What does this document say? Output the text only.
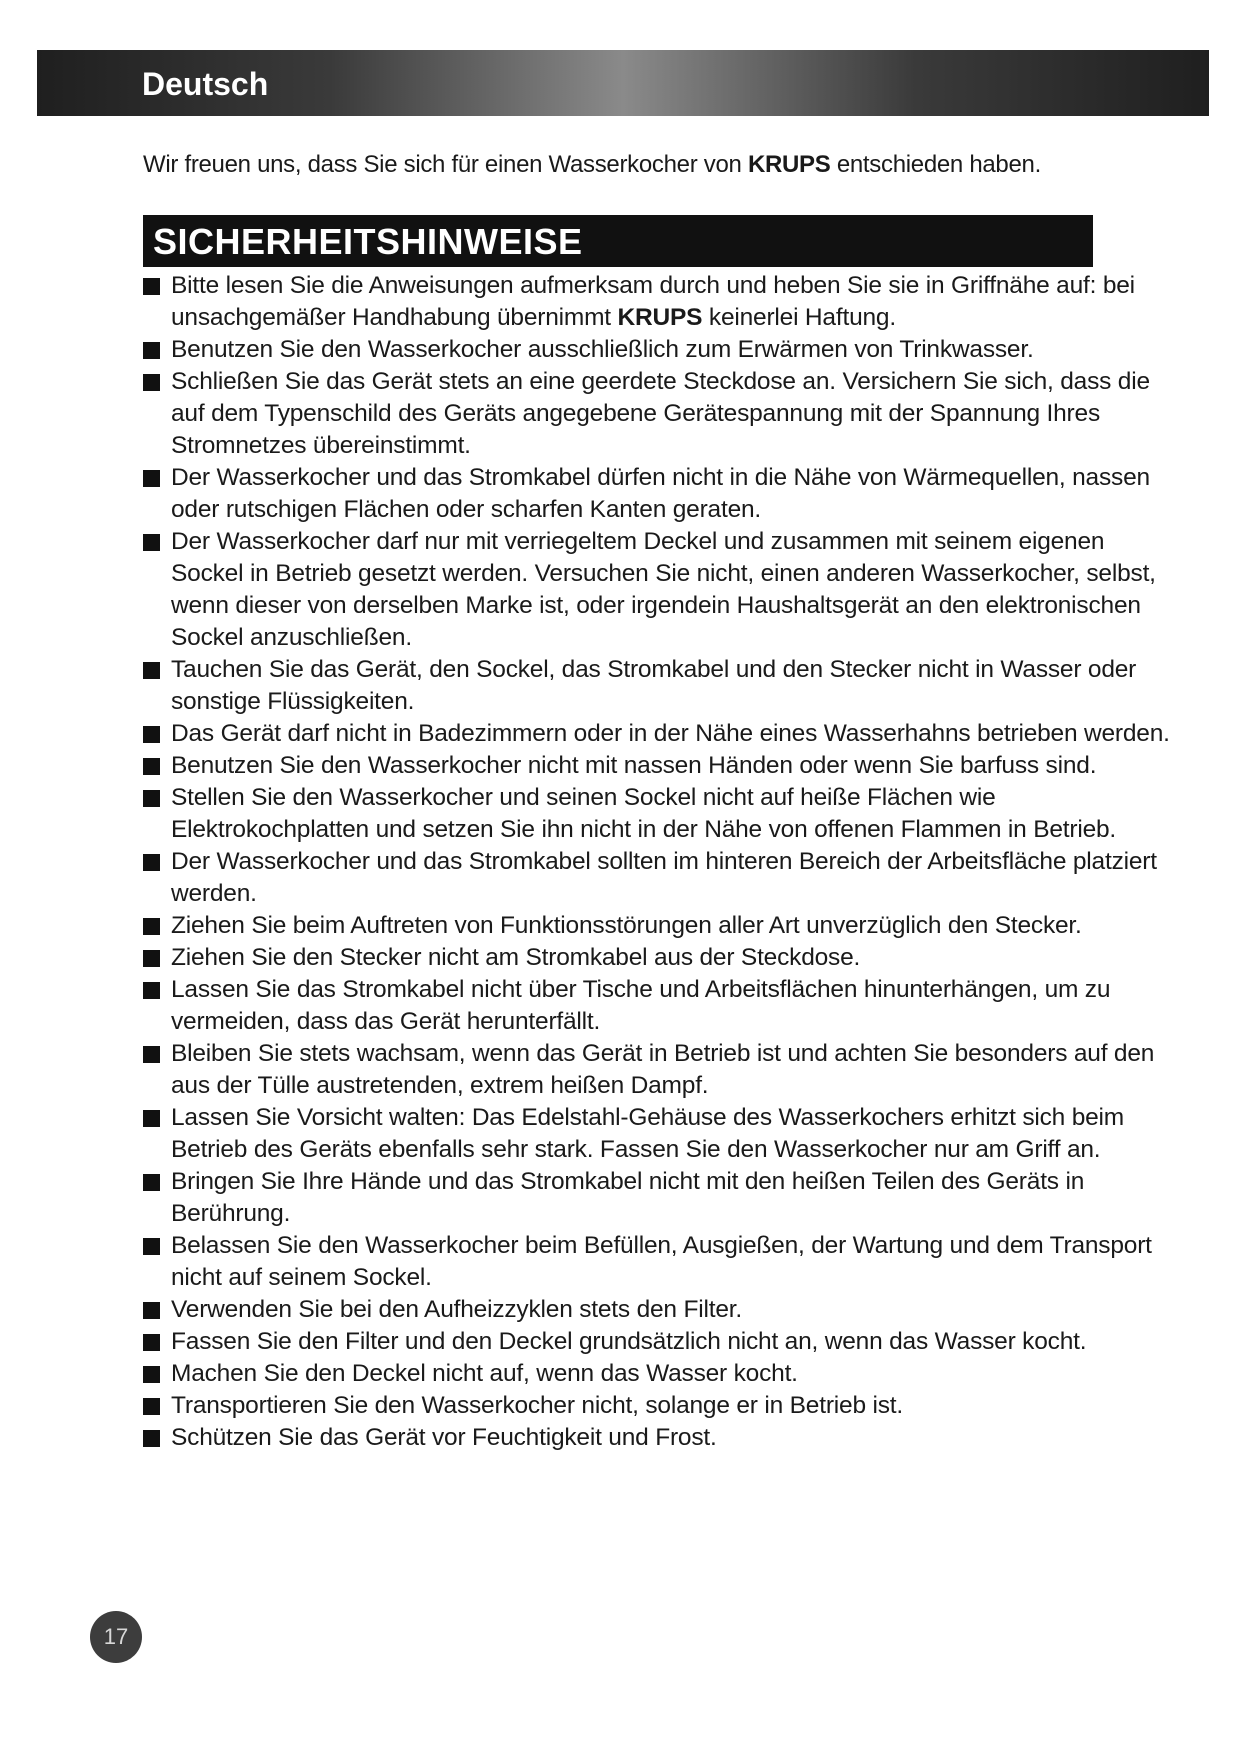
Deutsch
Wir freuen uns, dass Sie sich für einen Wasserkocher von KRUPS entschieden haben.
SICHERHEITSHINWEISE
Bitte lesen Sie die Anweisungen aufmerksam durch und heben Sie sie in Griffnähe auf: bei unsachgemäßer Handhabung übernimmt KRUPS keinerlei Haftung.
Benutzen Sie den Wasserkocher ausschließlich zum Erwärmen von Trinkwasser.
Schließen Sie das Gerät stets an eine geerdete Steckdose an. Versichern Sie sich, dass die auf dem Typenschild des Geräts angegebene Gerätespannung mit der Spannung Ihres Stromnetzes übereinstimmt.
Der Wasserkocher und das Stromkabel dürfen nicht in die Nähe von Wärmequellen, nassen oder rutschigen Flächen oder scharfen Kanten geraten.
Der Wasserkocher darf nur mit verriegeltem Deckel und zusammen mit seinem eigenen Sockel in Betrieb gesetzt werden. Versuchen Sie nicht, einen anderen Wasserkocher, selbst, wenn dieser von derselben Marke ist, oder irgendein Haushaltsgerät an den elektronischen Sockel anzuschließen.
Tauchen Sie das Gerät, den Sockel, das Stromkabel und den Stecker nicht in Wasser oder sonstige Flüssigkeiten.
Das Gerät darf nicht in Badezimmern oder in der Nähe eines Wasserhahns betrieben werden.
Benutzen Sie den Wasserkocher nicht mit nassen Händen oder wenn Sie barfuss sind.
Stellen Sie den Wasserkocher und seinen Sockel nicht auf heiße Flächen wie Elektrokochplatten und setzen Sie ihn nicht in der Nähe von offenen Flammen in Betrieb.
Der Wasserkocher und das Stromkabel sollten im hinteren Bereich der Arbeitsfläche platziert werden.
Ziehen Sie beim Auftreten von Funktionsstörungen aller Art unverzüglich den Stecker.
Ziehen Sie den Stecker nicht am Stromkabel aus der Steckdose.
Lassen Sie das Stromkabel nicht über Tische und Arbeitsflächen hinunterhängen, um zu vermeiden, dass das Gerät herunterfällt.
Bleiben Sie stets wachsam, wenn das Gerät in Betrieb ist und achten Sie besonders auf den aus der Tülle austretenden, extrem heißen Dampf.
Lassen Sie Vorsicht walten: Das Edelstahl-Gehäuse des Wasserkochers erhitzt sich beim Betrieb des Geräts ebenfalls sehr stark. Fassen Sie den Wasserkocher nur am Griff an.
Bringen Sie Ihre Hände und das Stromkabel nicht mit den heißen Teilen des Geräts in Berührung.
Belassen Sie den Wasserkocher beim Befüllen, Ausgießen, der Wartung und dem Transport nicht auf seinem Sockel.
Verwenden Sie bei den Aufheizzyklen stets den Filter.
Fassen Sie den Filter und den Deckel grundsätzlich nicht an, wenn das Wasser kocht.
Machen Sie den Deckel nicht auf, wenn das Wasser kocht.
Transportieren Sie den Wasserkocher nicht, solange er in Betrieb ist.
Schützen Sie das Gerät vor Feuchtigkeit und Frost.
17
